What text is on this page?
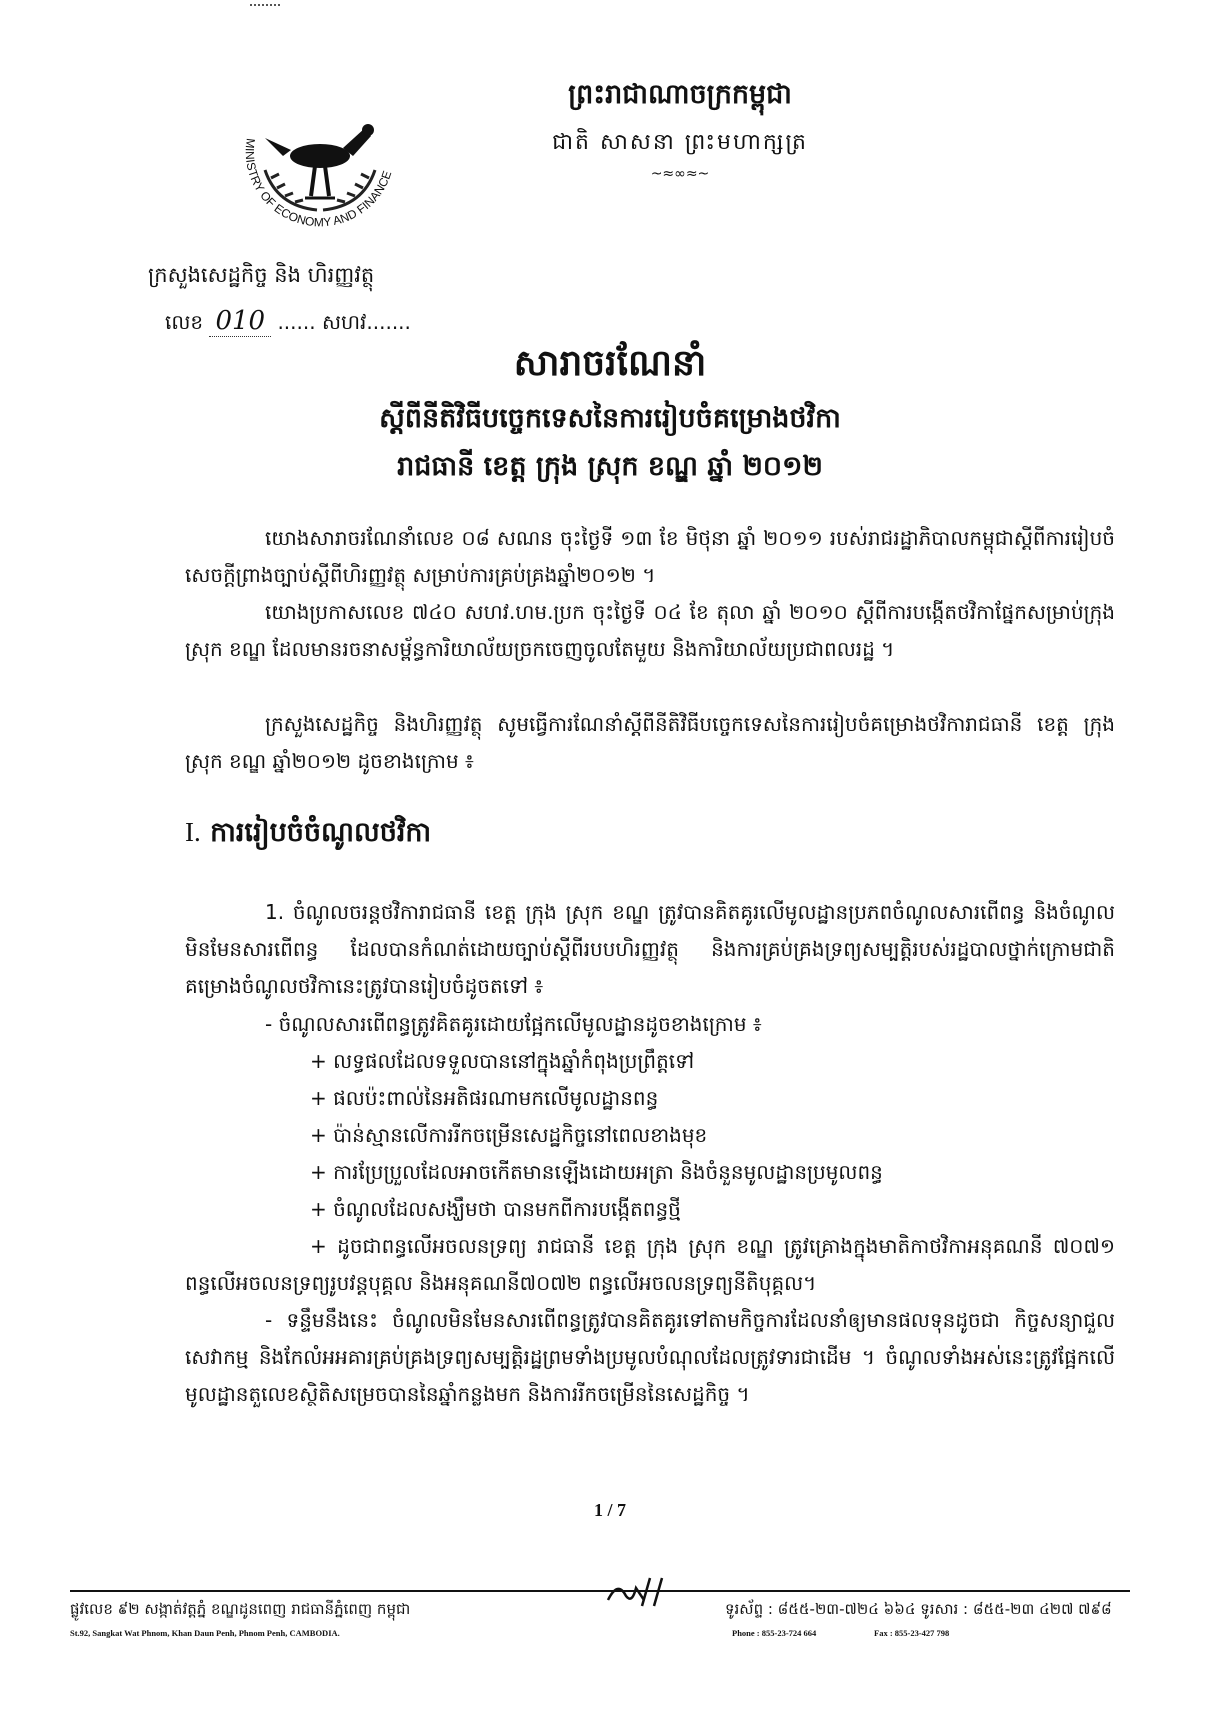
MINISTRY OF ECONOMY AND FINANCE
ក្រសួងសេដ្ឋកិច្ច និង ហិរញ្ញវត្ថុ
លេខ 010 ...... សហវ.......
ព្រះរាជាណាចក្រកម្ពុជា
ជាតិ សាសនា ព្រះមហាក្សត្រ
~≈∞≈~
សារាចរណែនាំ
ស្តីពីនីតិវិធីបច្ចេកទេសនៃការរៀបចំគម្រោងថវិកា
រាជធានី ខេត្ត ក្រុង ស្រុក ខណ្ឌ ឆ្នាំ ២០១២
យោងសារាចរណែនាំលេខ ០៨ សណន ចុះថ្ងៃទី ១៣ ខែ មិថុនា ឆ្នាំ ២០១១ របស់រាជរដ្ឋាភិបាលកម្ពុជាស្តីពីការរៀបចំសេចក្តីព្រាងច្បាប់ស្តីពីហិរញ្ញវត្ថុ សម្រាប់ការគ្រប់គ្រងឆ្នាំ២០១២ ។
យោងប្រកាសលេខ ៧៤០ សហវ.ហម.ប្រក ចុះថ្ងៃទី ០៤ ខែ តុលា ឆ្នាំ ២០១០ ស្តីពីការបង្កើតថវិកាផ្នែកសម្រាប់ក្រុង ស្រុក ខណ្ឌ ដែលមានរចនាសម្ព័ន្ធការិយាល័យច្រកចេញចូលតែមួយ និងការិយាល័យប្រជាពលរដ្ឋ ។
ក្រសួងសេដ្ឋកិច្ច និងហិរញ្ញវត្ថុ សូមធ្វើការណែនាំស្តីពីនីតិវិធីបច្ចេកទេសនៃការរៀបចំគម្រោងថវិការាជធានី ខេត្ត ក្រុង ស្រុក ខណ្ឌ ឆ្នាំ២០១២ ដូចខាងក្រោម ៖
I. ការរៀបចំចំណូលថវិកា
1. ចំណូលចរន្តថវិការាជធានី ខេត្ត ក្រុង ស្រុក ខណ្ឌ ត្រូវបានគិតគូរលើមូលដ្ឋានប្រភពចំណូលសារពើពន្ធ និងចំណូលមិនមែនសារពើពន្ធ ដែលបានកំណត់ដោយច្បាប់ស្តីពីរបបហិរញ្ញវត្ថុ និងការគ្រប់គ្រងទ្រព្យសម្បត្តិរបស់រដ្ឋបាលថ្នាក់ក្រោមជាតិ គម្រោងចំណូលថវិកានេះត្រូវបានរៀបចំដូចតទៅ ៖
- ចំណូលសារពើពន្ធត្រូវគិតគូរដោយផ្អែកលើមូលដ្ឋានដូចខាងក្រោម ៖
+ លទ្ធផលដែលទទួលបាននៅក្នុងឆ្នាំកំពុងប្រព្រឹត្តទៅ
+ ផលប៉ះពាល់នៃអតិផរណាមកលើមូលដ្ឋានពន្ធ
+ ប៉ាន់ស្មានលើការរីកចម្រើនសេដ្ឋកិច្ចនៅពេលខាងមុខ
+ ការប្រែប្រួលដែលអាចកើតមានឡើងដោយអត្រា និងចំនួនមូលដ្ឋានប្រមូលពន្ធ
+ ចំណូលដែលសង្ឃឹមថា បានមកពីការបង្កើតពន្ធថ្មី
+ ដូចជាពន្ធលើអចលនទ្រព្យ រាជធានី ខេត្ត ក្រុង ស្រុក ខណ្ឌ ត្រូវគ្រោងក្នុងមាតិកាថវិកាអនុគណនី ៧០៧១ ពន្ធលើអចលនទ្រព្យរូបវន្តបុគ្គល និងអនុគណនី៧០៧២ ពន្ធលើអចលនទ្រព្យនីតិបុគ្គល។
- ទន្ទឹមនឹងនេះ ចំណូលមិនមែនសារពើពន្ធត្រូវបានគិតគូរទៅតាមកិច្ចការដែលនាំឲ្យមានផលទុនដូចជា កិច្ចសន្យាជួល សេវាកម្ម និងកែលំអអគារគ្រប់គ្រងទ្រព្យសម្បត្តិរដ្ឋព្រមទាំងប្រមូលបំណុលដែលត្រូវទារជាដើម ។ ចំណូលទាំងអស់នេះត្រូវផ្អែកលើមូលដ្ឋានតួលេខស្ថិតិសម្រេចបាននៃឆ្នាំកន្លងមក និងការរីកចម្រើននៃសេដ្ឋកិច្ច ។
1 / 7
ផ្លូវលេខ ៩២ សង្កាត់វត្តភ្នំ ខណ្ឌដូនពេញ រាជធានីភ្នំពេញ កម្ពុជា
St.92, Sangkat Wat Phnom, Khan Daun Penh, Phnom Penh, CAMBODIA.
ទូរស័ព្ទ : ៨៥៥-២៣-៧២៤ ៦៦៤ ទូរសារ : ៨៥៥-២៣ ៤២៧ ៧៩៨
Phone : 855-23-724 664	Fax : 855-23-427 798
